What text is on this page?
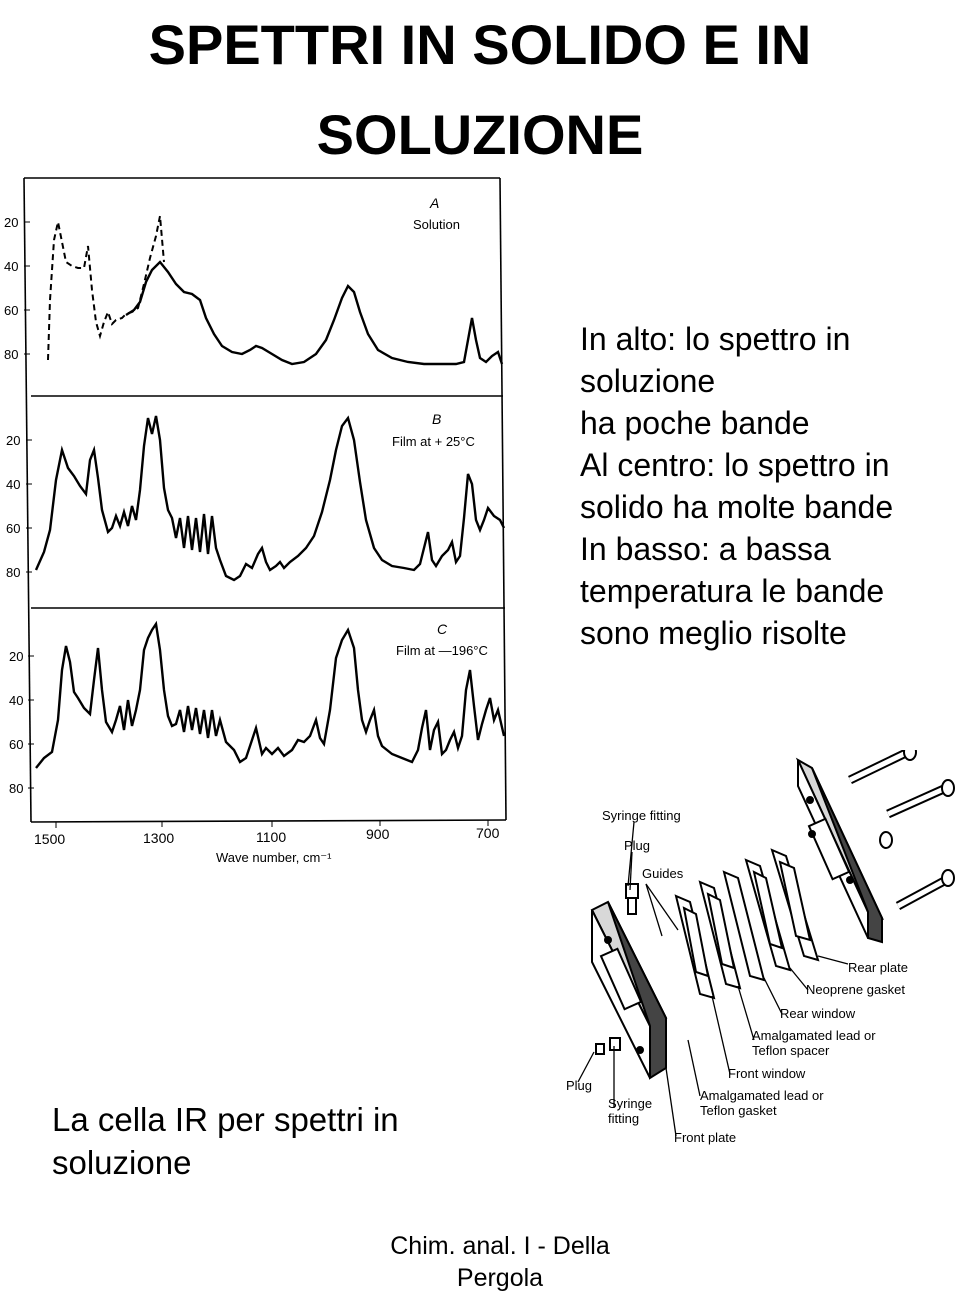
SPETTRI IN SOLIDO E IN
SOLUZIONE
20
40
60
80
20
40
60
80
20
40
60
80
A
Solution
B
Film at + 25°C
C
Film at —196°C
1500	1300	1100	900	700
Wave number, cm⁻¹
In alto: lo spettro in
soluzione
ha poche bande
Al centro: lo spettro in
solido ha molte bande
In basso: a bassa
temperatura le bande
sono meglio risolte
Syringe fitting
Plug
Guides
Rear plate
Neoprene gasket
Rear window
Amalgamated lead or
Teflon spacer
Front window
Plug
Syringe
fitting
Amalgamated lead or
Teflon gasket
Front plate
La cella IR per spettri in
soluzione
Chim. anal. I - Della
Pergola
